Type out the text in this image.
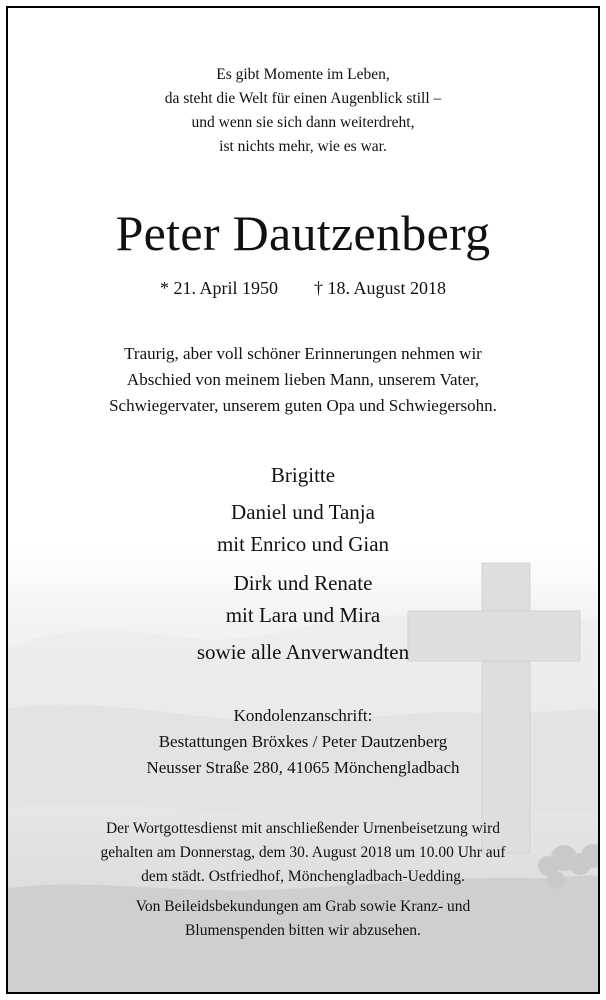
Es gibt Momente im Leben,
da steht die Welt für einen Augenblick still –
und wenn sie sich dann weiterdreht,
ist nichts mehr, wie es war.
Peter Dautzenberg
* 21. April 1950 † 18. August 2018
Traurig, aber voll schöner Erinnerungen nehmen wir
Abschied von meinem lieben Mann, unserem Vater,
Schwiegervater, unserem guten Opa und Schwiegersohn.
Brigitte
Daniel und Tanja
mit Enrico und Gian
Dirk und Renate
mit Lara und Mira
sowie alle Anverwandten
Kondolenzanschrift:
Bestattungen Bröxkes / Peter Dautzenberg
Neusser Straße 280, 41065 Mönchengladbach
Der Wortgottesdienst mit anschließender Urnenbeisetzung wird
gehalten am Donnerstag, dem 30. August 2018 um 10.00 Uhr auf
dem städt. Ostfriedhof, Mönchengladbach-Uedding.
Von Beileidsbekundungen am Grab sowie Kranz- und
Blumenspenden bitten wir abzusehen.
